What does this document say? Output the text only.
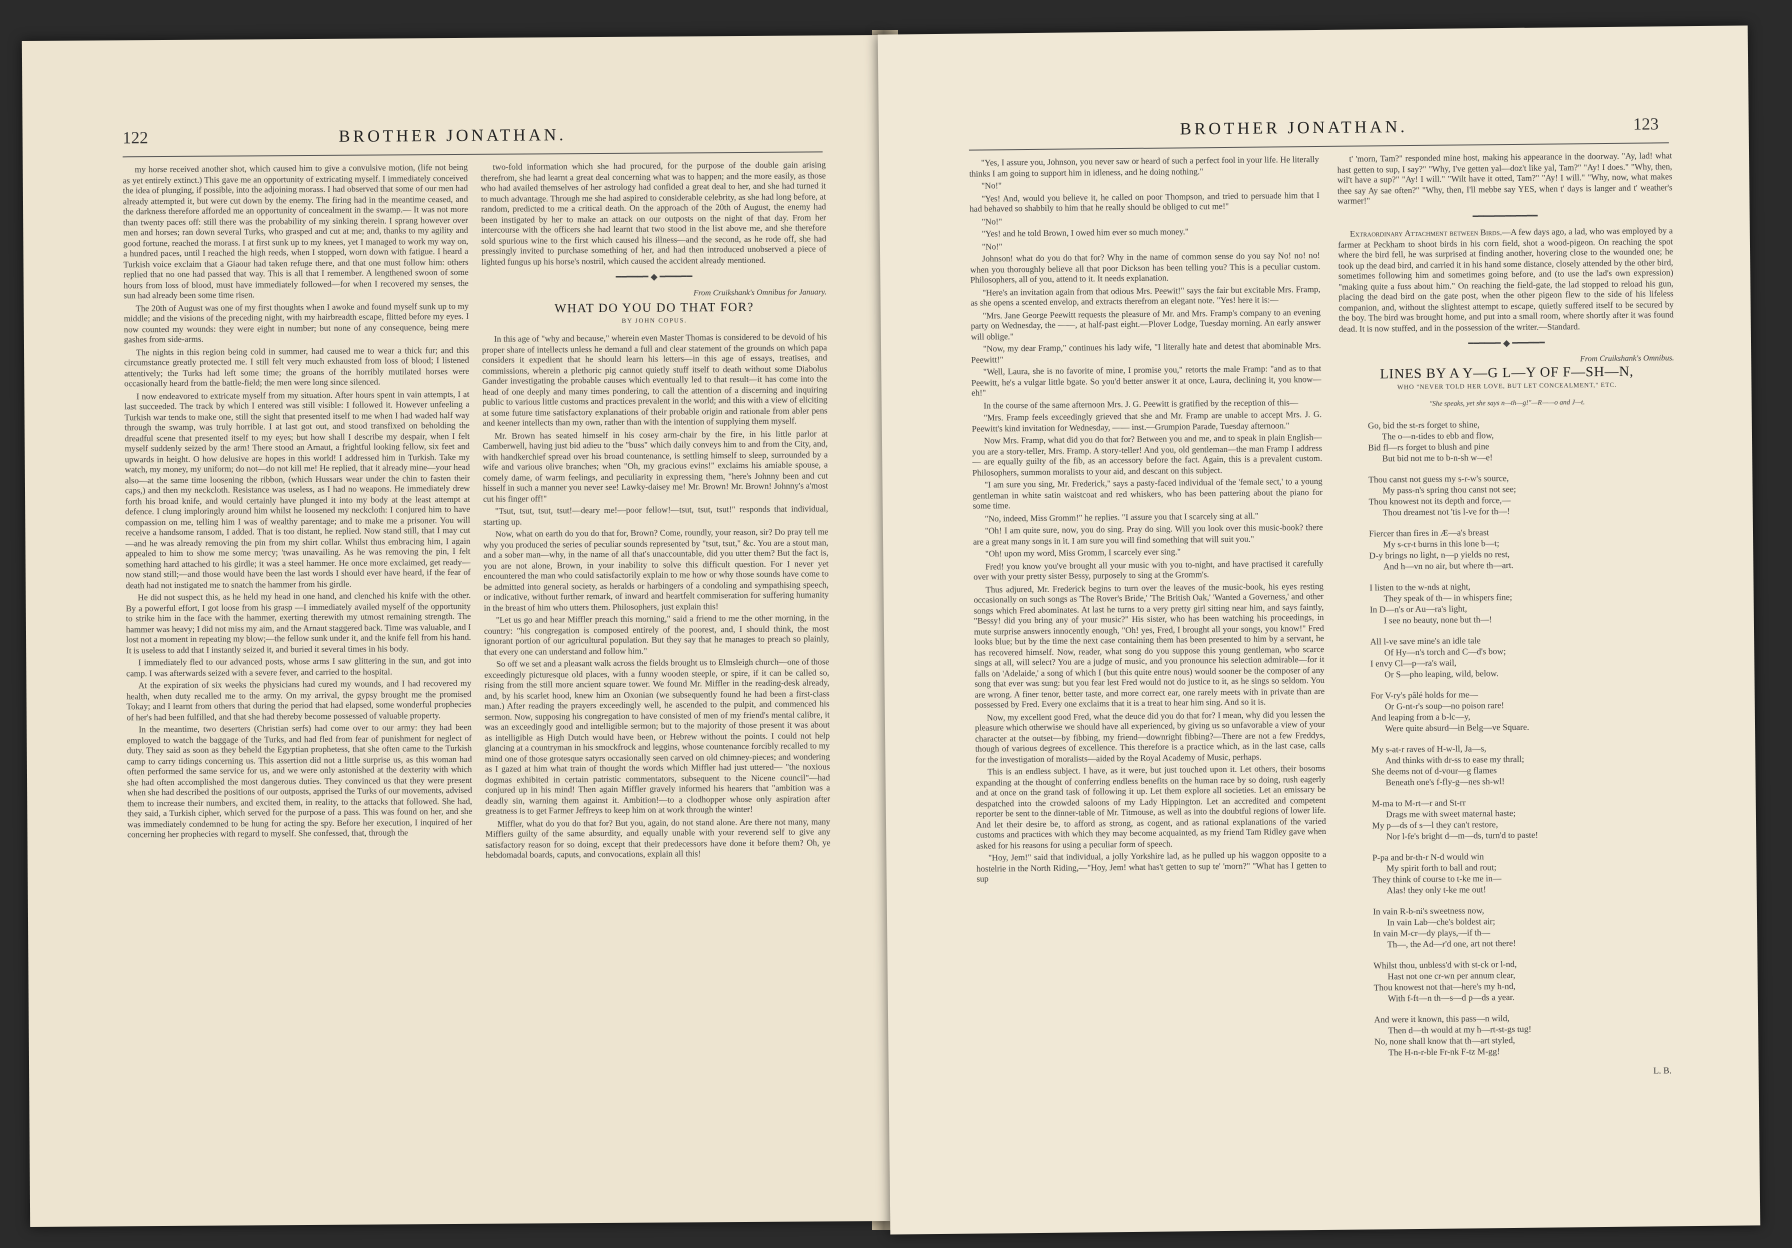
122	BROTHER JONATHAN.

my horse received another shot, which caused him to give a convulsive motion, (life not being as yet entirely extinct.) This gave me an opportunity of extricating myself. I immediately conceived the idea of plunging, if possible, into the adjoining morass. I had observed that some of our men had already attempted it, but were cut down by the enemy. The firing had in the meantime ceased, and the darkness therefore afforded me an opportunity of concealment in the swamp.— It was not more than twenty paces off: still there was the probability of my sinking therein. I sprang however over men and horses; ran down several Turks, who grasped and cut at me; and, thanks to my agility and good fortune, reached the morass. I at first sunk up to my knees, yet I managed to work my way on, a hundred paces, until I reached the high reeds, when I stopped, worn down with fatigue. I heard a Turkish voice exclaim that a Giaour had taken refuge there, and that one must follow him: others replied that no one had passed that way. This is all that I remember. A lengthened swoon of some hours from loss of blood, must have immediately followed—for when I recovered my senses, the sun had already been some time risen.

The 20th of August was one of my first thoughts when I awoke and found myself sunk up to my middle; and the visions of the preceding night, with my hairbreadth escape, flitted before my eyes. I now counted my wounds: they were eight in number; but none of any consequence, being mere gashes from side-arms.

The nights in this region being cold in summer, had caused me to wear a thick fur; and this circumstance greatly protected me. I still felt very much exhausted from loss of blood; I listened attentively; the Turks had left some time; the groans of the horribly mutilated horses were occasionally heard from the battle-field; the men were long since silenced.

I now endeavored to extricate myself from my situation. After hours spent in vain attempts, I at last succeeded. The track by which I entered was still visible: I followed it. However unfeeling a Turkish war tends to make one, still the sight that presented itself to me when I had waded half way through the swamp, was truly horrible. I at last got out, and stood transfixed on beholding the dreadful scene that presented itself to my eyes; but how shall I describe my despair, when I felt myself suddenly seized by the arm! There stood an Arnaut, a frightful looking fellow, six feet and upwards in height. O how delusive are hopes in this world! I addressed him in Turkish. Take my watch, my money, my uniform; do not—do not kill me! He replied, that it already mine—your head also—at the same time loosening the ribbon, (which Hussars wear under the chin to fasten their caps,) and then my neckcloth. Resistance was useless, as I had no weapons. He immediately drew forth his broad knife, and would certainly have plunged it into my body at the least attempt at defence. I clung imploringly around him whilst he loosened my neckcloth: I conjured him to have compassion on me, telling him I was of wealthy parentage; and to make me a prisoner. You will receive a handsome ransom, I added. That is too distant, he replied. Now stand still, that I may cut—and he was already removing the pin from my shirt collar. Whilst thus embracing him, I again appealed to him to show me some mercy; 'twas unavailing. As he was removing the pin, I felt something hard attached to his girdle; it was a steel hammer. He once more exclaimed, get ready—now stand still;—and those would have been the last words I should ever have heard, if the fear of death had not instigated me to snatch the hammer from his girdle.

He did not suspect this, as he held my head in one hand, and clenched his knife with the other. By a powerful effort, I got loose from his grasp —I immediately availed myself of the opportunity to strike him in the face with the hammer, exerting therewith my utmost remaining strength. The hammer was heavy; I did not miss my aim, and the Arnaut staggered back. Time was valuable, and I lost not a moment in repeating my blow;—the fellow sunk under it, and the knife fell from his hand. It is useless to add that I instantly seized it, and buried it several times in his body.

I immediately fled to our advanced posts, whose arms I saw glittering in the sun, and got into camp. I was afterwards seized with a severe fever, and carried to the hospital.

At the expiration of six weeks the physicians had cured my wounds, and I had recovered my health, when duty recalled me to the army. On my arrival, the gypsy brought me the promised Tokay; and I learnt from others that during the period that had elapsed, some wonderful prophecies of her's had been fulfilled, and that she had thereby become possessed of valuable property.

In the meantime, two deserters (Christian serfs) had come over to our army: they had been employed to watch the baggage of the Turks, and had fled from fear of punishment for neglect of duty. They said as soon as they beheld the Egyptian prophetess, that she often came to the Turkish camp to carry tidings concerning us. This assertion did not a little surprise us, as this woman had often performed the same service for us, and we were only astonished at the dexterity with which she had often accomplished the most dangerous duties. They convinced us that they were present when she had described the positions of our outposts, apprised the Turks of our movements, advised them to increase their numbers, and excited them, in reality, to the attacks that followed. She had, they said, a Turkish cipher, which served for the purpose of a pass. This was found on her, and she was immediately condemned to be hung for acting the spy. Before her execution, I inquired of her concerning her prophecies with regard to myself. She confessed, that, through the

two-fold information which she had procured, for the purpose of the double gain arising therefrom, she had learnt a great deal concerning what was to happen; and the more easily, as those who had availed themselves of her astrology had confided a great deal to her, and she had turned it to much advantage. Through me she had aspired to considerable celebrity, as she had long before, at random, predicted to me a critical death. On the approach of the 20th of August, the enemy had been instigated by her to make an attack on our outposts on the night of that day. From her intercourse with the officers she had learnt that two stood in the list above me, and she therefore sold spurious wine to the first which caused his illness—and the second, as he rode off, she had pressingly invited to purchase something of her, and had then introduced unobserved a piece of lighted fungus up his horse's nostril, which caused the accident already mentioned.

━━━━━━ ◆ ━━━━━━
From Cruikshank's Omnibus for January.
WHAT DO YOU DO THAT FOR?
BY JOHN COPUS.

In this age of "why and because," wherein even Master Thomas is considered to be devoid of his proper share of intellects unless he demand a full and clear statement of the grounds on which papa considers it expedient that he should learn his letters—in this age of essays, treatises, and commissions, wherein a plethoric pig cannot quietly stuff itself to death without some Diabolus Gander investigating the probable causes which eventually led to that result—it has come into the head of one deeply and many times pondering, to call the attention of a discerning and inquiring public to various little customs and practices prevalent in the world; and this with a view of eliciting at some future time satisfactory explanations of their probable origin and rationale from abler pens and keener intellects than my own, rather than with the intention of supplying them myself.

Mr. Brown has seated himself in his cosey arm-chair by the fire, in his little parlor at Camberwell, having just bid adieu to the "buss" which daily conveys him to and from the City, and, with handkerchief spread over his broad countenance, is settling himself to sleep, surrounded by a wife and various olive branches; when "Oh, my gracious evins!" exclaims his amiable spouse, a comely dame, of warm feelings, and peculiarity in expressing them, "here's Johnny been and cut hisself in such a manner you never see! Lawky-daisey me! Mr. Brown! Mr. Brown! Johnny's a'most cut his finger off!"

"Tsut, tsut, tsut, tsut!—deary me!—poor fellow!—tsut, tsut, tsut!" responds that individual, starting up.

Now, what on earth do you do that for, Brown? Come, roundly, your reason, sir? Do pray tell me why you produced the series of peculiar sounds represented by "tsut, tsut," &c. You are a stout man, and a sober man—why, in the name of all that's unaccountable, did you utter them? But the fact is, you are not alone, Brown, in your inability to solve this difficult question. For I never yet encountered the man who could satisfactorily explain to me how or why those sounds have come to be admitted into general society, as heralds or harbingers of a condoling and sympathising speech, or indicative, without further remark, of inward and heartfelt commiseration for suffering humanity in the breast of him who utters them. Philosophers, just explain this!

"Let us go and hear Miffler preach this morning," said a friend to me the other morning, in the country: "his congregation is composed entirely of the poorest, and, I should think, the most ignorant portion of our agricultural population. But they say that he manages to preach so plainly, that every one can understand and follow him."

So off we set and a pleasant walk across the fields brought us to Elmsleigh church—one of those exceedingly picturesque old places, with a funny wooden steeple, or spire, if it can be called so, rising from the still more ancient square tower. We found Mr. Miffler in the reading-desk already, and, by his scarlet hood, knew him an Oxonian (we subsequently found he had been a first-class man.) After reading the prayers exceedingly well, he ascended to the pulpit, and commenced his sermon. Now, supposing his congregation to have consisted of men of my friend's mental calibre, it was an exceedingly good and intelligible sermon; but to the majority of those present it was about as intelligible as High Dutch would have been, or Hebrew without the points. I could not help glancing at a countryman in his smockfrock and leggins, whose countenance forcibly recalled to my mind one of those grotesque satyrs occasionally seen carved on old chimney-pieces; and wondering as I gazed at him what train of thought the words which Miffler had just uttered— "the noxious dogmas exhibited in certain patristic commentators, subsequent to the Nicene council"—had conjured up in his mind! Then again Miffler gravely informed his hearers that "ambition was a deadly sin, warning them against it. Ambition!—to a clodhopper whose only aspiration after greatness is to get Farmer Jeffreys to keep him on at work through the winter!

Miffler, what do you do that for? But you, again, do not stand alone. Are there not many, many Mifflers guilty of the same absurdity, and equally unable with your reverend self to give any satisfactory reason for so doing, except that their predecessors have done it before them? Oh, ye hebdomadal boards, caputs, and convocations, explain all this!

BROTHER JONATHAN.	123

"Yes, I assure you, Johnson, you never saw or heard of such a perfect fool in your life. He literally thinks I am going to support him in idleness, and he doing nothing."

"No!"

"Yes! And, would you believe it, he called on poor Thompson, and tried to persuade him that I had behaved so shabbily to him that he really should be obliged to cut me!"

"No!"

"Yes! and he told Brown, I owed him ever so much money."

"No!"

Johnson! what do you do that for? Why in the name of common sense do you say No! no! no! when you thoroughly believe all that poor Dickson has been telling you? This is a peculiar custom. Philosophers, all of you, attend to it. It needs explanation.

"Here's an invitation again from that odious Mrs. Peewit!" says the fair but excitable Mrs. Framp, as she opens a scented envelop, and extracts therefrom an elegant note. "Yes! here it is:—

"Mrs. Jane George Peewitt requests the pleasure of Mr. and Mrs. Framp's company to an evening party on Wednesday, the ——, at half-past eight.—Plover Lodge, Tuesday morning. An early answer will oblige."

"Now, my dear Framp," continues his lady wife, "I literally hate and detest that abominable Mrs. Peewitt!"

"Well, Laura, she is no favorite of mine, I promise you," retorts the male Framp: "and as to that Peewitt, he's a vulgar little bgate. So you'd better answer it at once, Laura, declining it, you know—eh!"

In the course of the same afternoon Mrs. J. G. Peewitt is gratified by the reception of this—

"Mrs. Framp feels exceedingly grieved that she and Mr. Framp are unable to accept Mrs. J. G. Peewitt's kind invitation for Wednesday, —— inst.—Grumpion Parade, Tuesday afternoon."

Now Mrs. Framp, what did you do that for? Between you and me, and to speak in plain English—you are a story-teller, Mrs. Framp. A story-teller! And you, old gentleman—the man Framp I address— are equally guilty of the fib, as an accessory before the fact. Again, this is a prevalent custom. Philosophers, summon moralists to your aid, and descant on this subject.

"I am sure you sing, Mr. Frederick," says a pasty-faced individual of the 'female sect,' to a young gentleman in white satin waistcoat and red whiskers, who has been pattering about the piano for some time.

"No, indeed, Miss Gromm!" he replies. "I assure you that I scarcely sing at all."

"Oh! I am quite sure, now, you do sing. Pray do sing. Will you look over this music-book? there are a great many songs in it. I am sure you will find something that will suit you."

"Oh! upon my word, Miss Gromm, I scarcely ever sing."

Fred! you know you've brought all your music with you to-night, and have practised it carefully over with your pretty sister Bessy, purposely to sing at the Gromm's.

Thus adjured, Mr. Frederick begins to turn over the leaves of the music-book, his eyes resting occasionally on such songs as 'The Rover's Bride,' 'The British Oak,' 'Wanted a Governess,' and other songs which Fred abominates. At last he turns to a very pretty girl sitting near him, and says faintly, "Bessy! did you bring any of your music?" His sister, who has been watching his proceedings, in mute surprise answers innocently enough, "Oh! yes, Fred, I brought all your songs, you know!" Fred looks blue; but by the time the next case containing them has been presented to him by a servant, he has recovered himself. Now, reader, what song do you suppose this young gentleman, who scarce sings at all, will select? You are a judge of music, and you pronounce his selection admirable—for it falls on 'Adelaide,' a song of which I (but this quite entre nous) would sooner be the composer of any song that ever was sung: but you fear lest Fred would not do justice to it, as he sings so seldom. You are wrong. A finer tenor, better taste, and more correct ear, one rarely meets with in private than are possessed by Fred. Every one exclaims that it is a treat to hear him sing. And so it is.

Now, my excellent good Fred, what the deuce did you do that for? I mean, why did you lessen the pleasure which otherwise we should have all experienced, by giving us so unfavorable a view of your character at the outset—by fibbing, my friend—downright fibbing?—There are not a few Freddys, though of various degrees of excellence. This therefore is a practice which, as in the last case, calls for the investigation of moralists—aided by the Royal Academy of Music, perhaps.

This is an endless subject. I have, as it were, but just touched upon it. Let others, their bosoms expanding at the thought of conferring endless benefits on the human race by so doing, rush eagerly and at once on the grand task of following it up. Let them explore all societies. Let an emissary be despatched into the crowded saloons of my Lady Hippington. Let an accredited and competent reporter be sent to the dinner-table of Mr. Titmouse, as well as into the doubtful regions of lower life. And let their desire be, to afford as strong, as cogent, and as rational explanations of the varied customs and practices with which they may become acquainted, as my friend Tam Ridley gave when asked for his reasons for using a peculiar form of speech.

"Hoy, Jem!" said that individual, a jolly Yorkshire lad, as he pulled up his waggon opposite to a hostelrie in the North Riding,—"Hoy, Jem! what has't getten to sup te' 'morn?" "What has I getten to sup

t' 'morn, Tam?" responded mine host, making his appearance in the doorway. "Ay, lad! what hast getten to sup, I say?" "Why, I've getten yal—doz't like yal, Tam?" "Ay! I does." "Why, then, wil't have a sup?" "Ay! I will." "Wilt have it otted, Tam?" "Ay! I will." "Why, now, what makes thee say Ay sae often?" "Why, then, I'll mebbe say YES, when t' days is langer and t' weather's warmer!"

━━━━━━━━━━━━

Extraordinary Attachment between Birds.—A few days ago, a lad, who was employed by a farmer at Peckham to shoot birds in his corn field, shot a wood-pigeon. On reaching the spot where the bird fell, he was surprised at finding another, hovering close to the wounded one; he took up the dead bird, and carried it in his hand some distance, closely attended by the other bird, sometimes following him and sometimes going before, and (to use the lad's own expression) "making quite a fuss about him." On reaching the field-gate, the lad stopped to reload his gun, placing the dead bird on the gate post, when the other pigeon flew to the side of his lifeless companion, and, without the slightest attempt to escape, quietly suffered itself to be secured by the boy. The bird was brought home, and put into a small room, where shortly after it was found dead. It is now stuffed, and in the possession of the writer.—Standard.

━━━━━━ ◆ ━━━━━━
From Cruikshank's Omnibus.
LINES BY A Y—G L—Y OF F—SH—N,
WHO "NEVER TOLD HER LOVE, BUT LET CONCEALMENT," ETC.
"She speaks, yet she says n—th—g!"—R——o and J—t.
Go, bid the st-rs forget to shine,
The o—n-tides to ebb and flow,
Bid fl—rs forget to blush and pine
But bid not me to b-n-sh w—e!
Thou canst not guess my s-r-w's source,
My pass-n's spring thou canst not see;
Thou knowest not its depth and force,—
Thou dreamest not 'tis l-ve for th—!
Fiercer than fires in Æ—a's breast
My s-cr-t burns in this lone b—t;
D-y brings no light, n—p yields no rest,
And h—vn no air, but where th—art.
I listen to the w-nds at night,
They speak of th— in whispers fine;
In D—n's or Au—ra's light,
I see no beauty, none but th—!
All l-ve save mine's an idle tale
Of Hy—n's torch and C—d's bow;
I envy Cl—p—ra's wail,
Or S—pho leaping, wild, below.
For V-ry's pâlé holds for me—
Or G-nt-r's soup—no poison rare!
And leaping from a b-lc—y,
Were quite absurd—in Belg—ve Square.
My s-at-r raves of H-w-ll, Ja—s,
And thinks with dr-ss to ease my thrall;
She deems not of d-vour—g flames
Beneath one's f-fly-g—nes sh-wl!
M-ma to M-rt—r and St-rr
Drags me with sweet maternal haste;
My p—ds of s—l they can't restore,
Nor l-fe's bright d—m—ds, turn'd to paste!
P-pa and br-th-r N-d would win
My spirit forth to ball and rout;
They think of course to t-ke me in—
Alas! they only t-ke me out!
In vain R-b-ni's sweetness now,
In vain Lab—che's boldest air;
In vain M-cr—dy plays,—if th—
Th—, the Ad—r'd one, art not there!
Whilst thou, unbless'd with st-ck or l-nd,
Hast not one cr-wn per annum clear,
Thou knowest not that—here's my h-nd,
With f-ft—n th—s—d p—ds a year.
And were it known, this pass—n wild,
Then d—th would at my h—rt-st-gs tug!
No, none shall know that th—art styled,
The H-n-r-ble Fr-nk F-tz M-gg!
L. B.
